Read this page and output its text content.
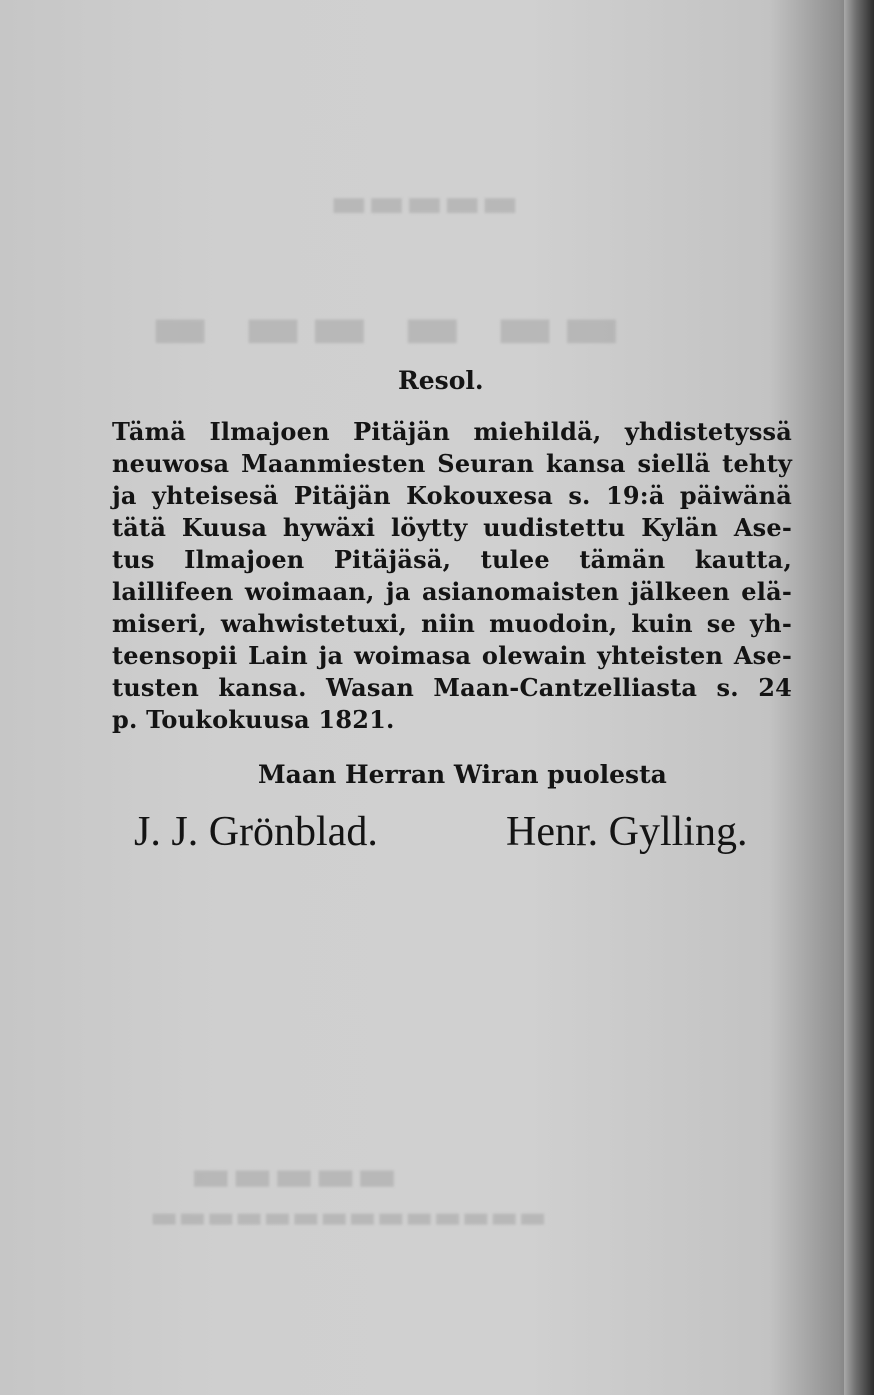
▬▬▬▬▬
▬ ▬▬ ▬ ▬▬
▬▬▬▬▬
▬▬▬▬▬▬▬▬▬▬▬▬▬▬
Resol.
Tämä Ilmajoen Pitäjän miehildä, yhdistetyssä
neuwosa Maanmiesten Seuran kansa siellä tehty
ja yhteisesä Pitäjän Kokouxesa s. 19:ä päiwänä
tätä Kuusa hywäxi löytty uudistettu Kylän Ase-
tus Ilmajoen Pitäjäsä, tulee tämän kautta,
laillifeen woimaan, ja asianomaisten jälkeen elä-
miseri, wahwistetuxi, niin muodoin, kuin se yh-
teensopii Lain ja woimasa olewain yhteisten Ase-
tusten kansa. Wasan Maan-Cantzelliasta s. 24
p. Toukokuusa 1821.
Maan Herran Wiran puolesta
J. J. Grönblad.	Henr. Gylling.
